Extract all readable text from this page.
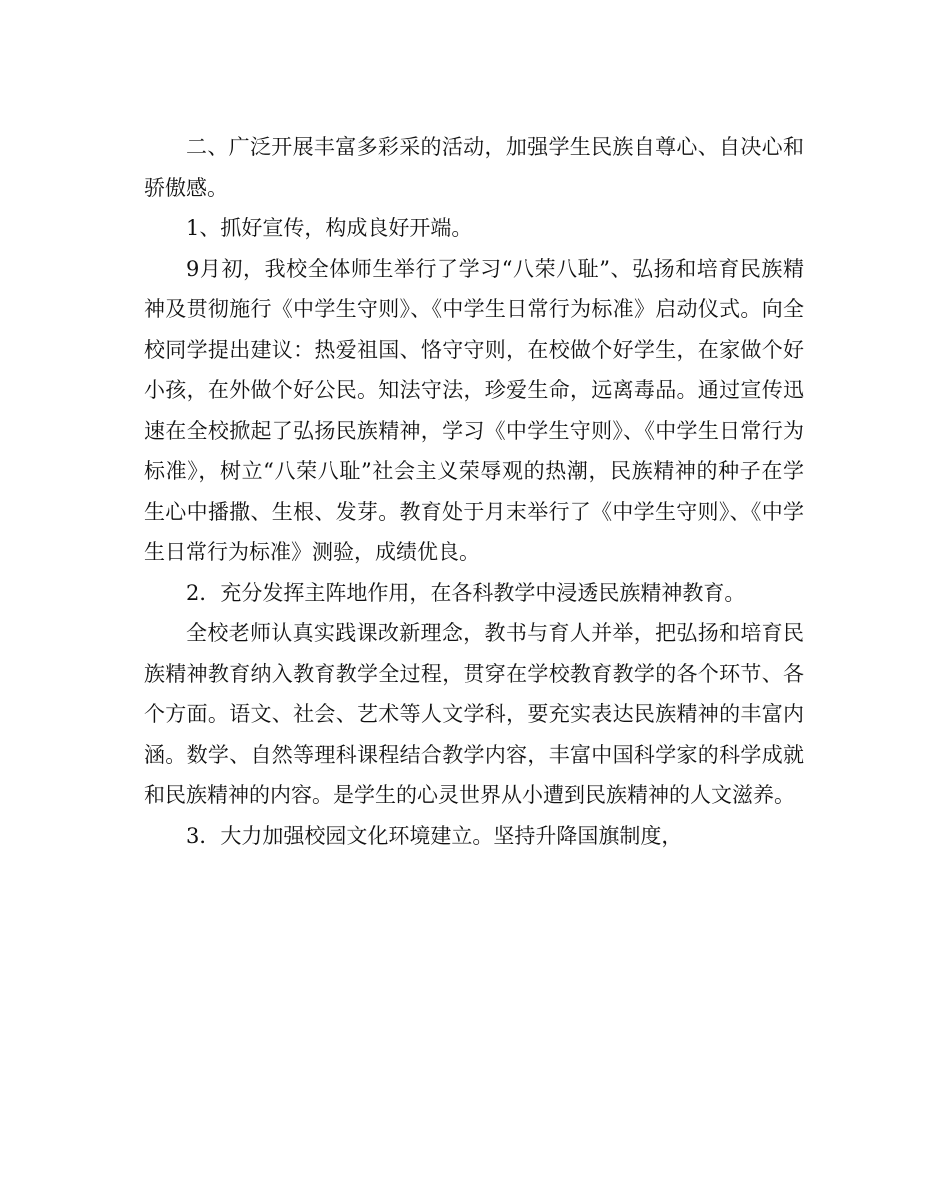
二、广泛开展丰富多彩采的活动，加强学生民族自尊心、自决心和骄傲感。

1、抓好宣传，构成良好开端。

9月初，我校全体师生举行了学习“八荣八耻”、弘扬和培育民族精神及贯彻施行《中学生守则》、《中学生日常行为标准》启动仪式。向全校同学提出建议：热爱祖国、恪守守则，在校做个好学生，在家做个好小孩，在外做个好公民。知法守法，珍爱生命，远离毒品。通过宣传迅速在全校掀起了弘扬民族精神，学习《中学生守则》、《中学生日常行为标准》，树立“八荣八耻”社会主义荣辱观的热潮，民族精神的种子在学生心中播撒、生根、发芽。教育处于月末举行了《中学生守则》、《中学生日常行为标准》测验，成绩优良。

2．充分发挥主阵地作用，在各科教学中浸透民族精神教育。

全校老师认真实践课改新理念，教书与育人并举，把弘扬和培育民族精神教育纳入教育教学全过程，贯穿在学校教育教学的各个环节、各个方面。语文、社会、艺术等人文学科，要充实表达民族精神的丰富内涵。数学、自然等理科课程结合教学内容，丰富中国科学家的科学成就和民族精神的内容。是学生的心灵世界从小遭到民族精神的人文滋养。

3．大力加强校园文化环境建立。坚持升降国旗制度，
